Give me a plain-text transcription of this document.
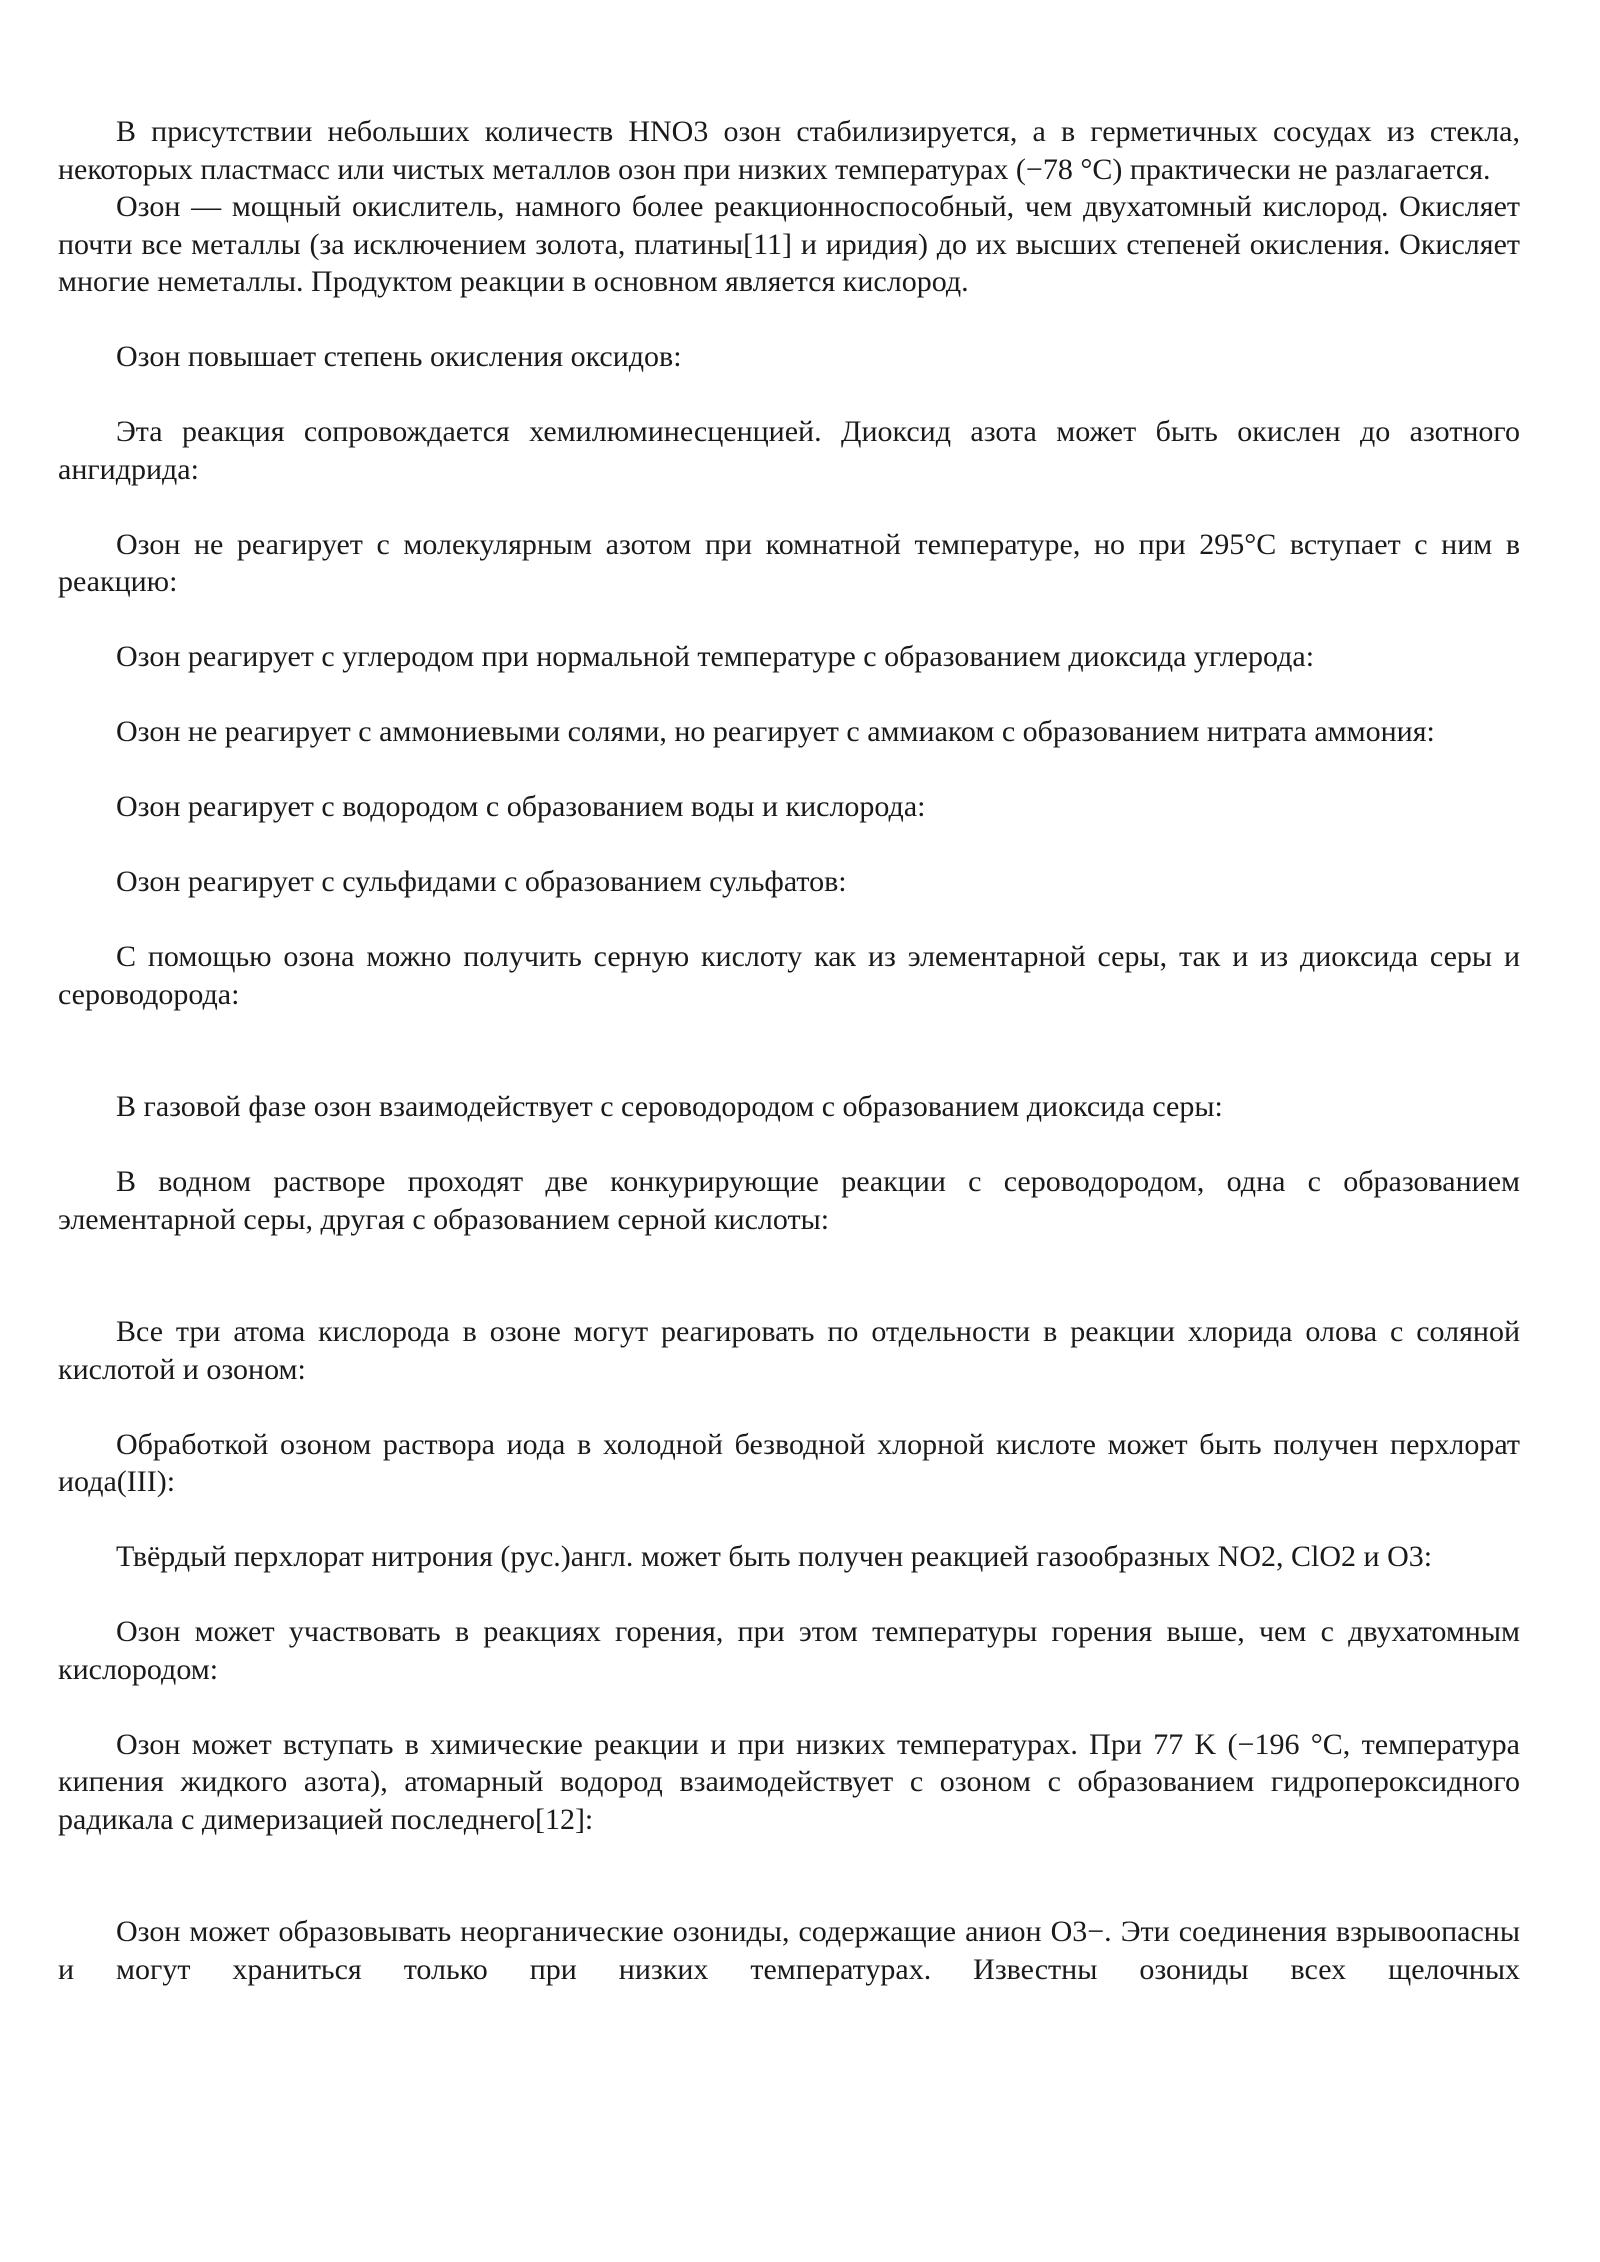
В присутствии небольших количеств HNO3 озон стабилизируется, а в герметичных сосудах из стекла, некоторых пластмасс или чистых металлов озон при низких температурах (−78 °C) практически не разлагается.

Озон — мощный окислитель, намного более реакционноспособный, чем двухатомный кислород. Окисляет почти все металлы (за исключением золота, платины[11] и иридия) до их высших степеней окисления. Окисляет многие неметаллы. Продуктом реакции в основном является кислород.

Озон повышает степень окисления оксидов:

Эта реакция сопровождается хемилюминесценцией. Диоксид азота может быть окислен до азотного ангидрида:

Озон не реагирует с молекулярным азотом при комнатной температуре, но при 295°C вступает с ним в реакцию:

Озон реагирует с углеродом при нормальной температуре с образованием диоксида углерода:

Озон не реагирует с аммониевыми солями, но реагирует с аммиаком с образованием нитрата аммония:

Озон реагирует с водородом с образованием воды и кислорода:

Озон реагирует с сульфидами с образованием сульфатов:

С помощью озона можно получить серную кислоту как из элементарной серы, так и из диоксида серы и сероводорода:

В газовой фазе озон взаимодействует с сероводородом с образованием диоксида серы:

В водном растворе проходят две конкурирующие реакции с сероводородом, одна с образованием элементарной серы, другая с образованием серной кислоты:

Все три атома кислорода в озоне могут реагировать по отдельности в реакции хлорида олова с соляной кислотой и озоном:

Обработкой озоном раствора иода в холодной безводной хлорной кислоте может быть получен перхлорат иода(III):

Твёрдый перхлорат нитрония (рус.)англ. может быть получен реакцией газообразных NO2, ClO2 и O3:

Озон может участвовать в реакциях горения, при этом температуры горения выше, чем с двухатомным кислородом:

Озон может вступать в химические реакции и при низких температурах. При 77 K (−196 °C, температура кипения жидкого азота), атомарный водород взаимодействует с озоном с образованием гидропероксидного радикала с димеризацией последнего[12]:

Озон может образовывать неорганические озониды, содержащие анион O3−. Эти соединения взрывоопасны и могут храниться только при низких температурах. Известны озониды всех щелочных
